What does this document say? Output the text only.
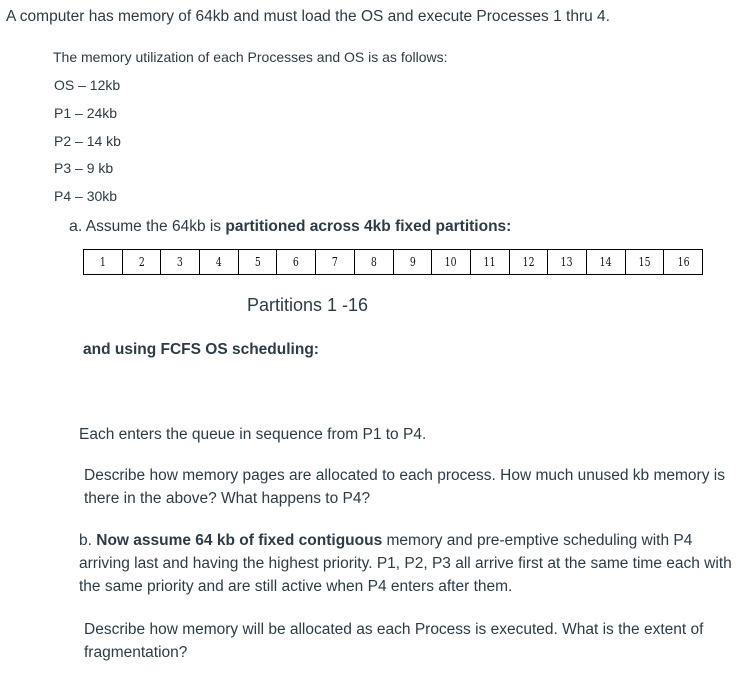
A computer has memory of 64kb and must load the OS and execute Processes 1 thru 4.
The memory utilization of each Processes and OS is as follows:
OS – 12kb
P1 – 24kb
P2 – 14 kb
P3 – 9 kb
P4 – 30kb
a. Assume the 64kb is partitioned across 4kb fixed partitions:
1	2	3	4	5	6	7	8	9 10 11 12 13 14 15 16
Partitions 1 -16
and using FCFS OS scheduling:
Each enters the queue in sequence from P1 to P4.
Describe how memory pages are allocated to each process. How much unused kb memory is there in the above? What happens to P4?
b. Now assume 64 kb of fixed contiguous memory and pre-emptive scheduling with P4 arriving last and having the highest priority. P1, P2, P3 all arrive first at the same time each with the same priority and are still active when P4 enters after them.
Describe how memory will be allocated as each Process is executed. What is the extent of fragmentation?
